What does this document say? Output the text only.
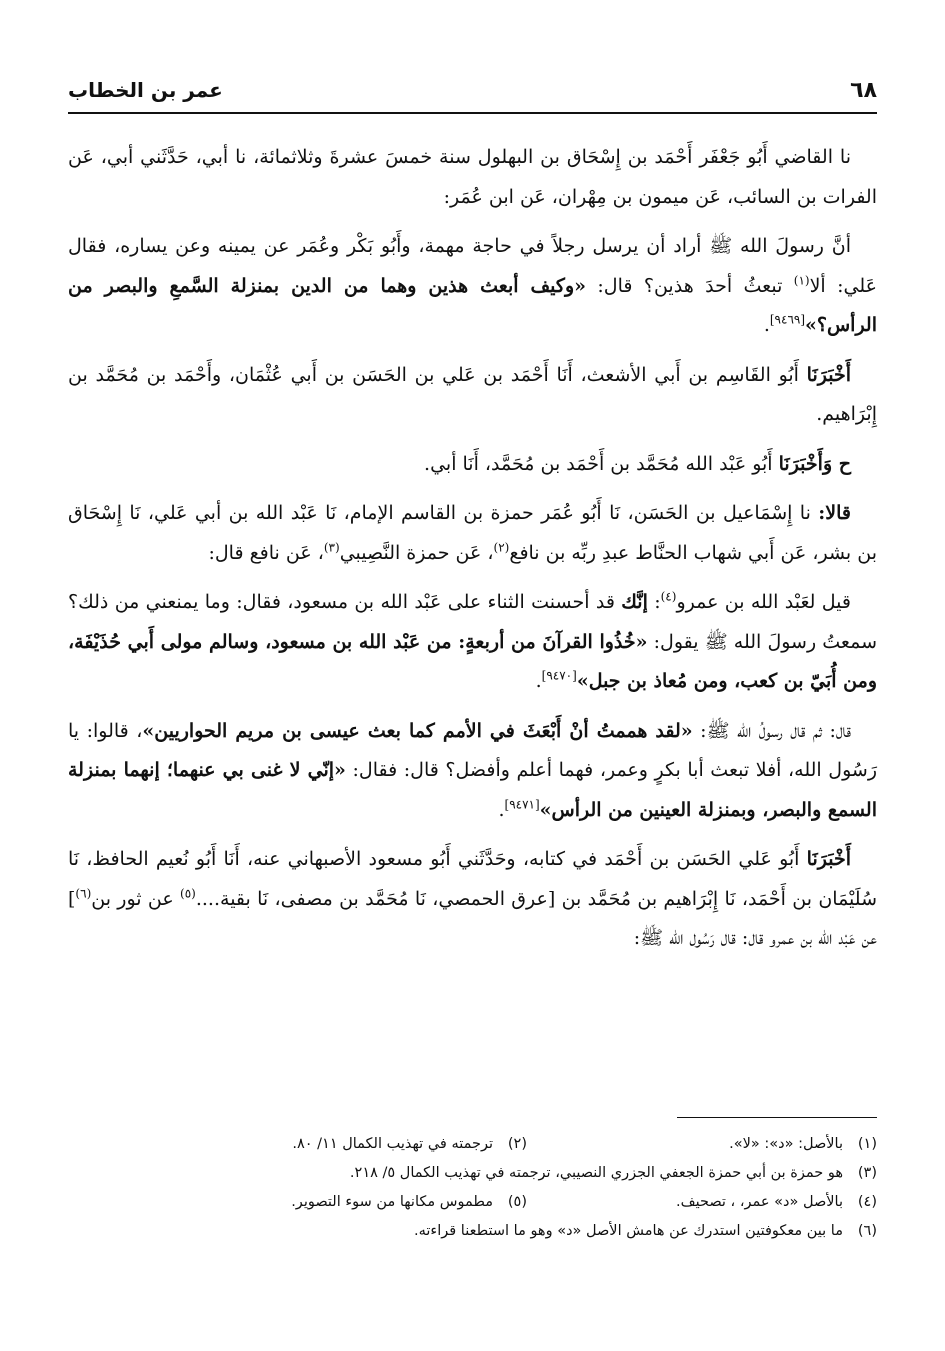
٦٨
عمر بن الخطاب

نا القاضي أَبُو جَعْفَر أَحْمَد بن إِسْحَاق بن البهلول سنة خمسَ عشرةَ وثلاثمائة، نا أبي، حَدَّثَني أبي، عَن الفرات بن السائب، عَن ميمون بن مِهْران، عَن ابن عُمَر:

أنَّ رسولَ الله ﷺ أراد أن يرسل رجلاً في حاجة مهمة، وأَبُو بَكْر وعُمَر عن يمينه وعن يساره، فقال عَلي: ألا$^{(١)}$ تبعثُ أحدَ هذين؟ قال: «وكيف أبعث هذين وهما من الدين بمنزلة السَّمعِ والبصر من الرأس؟»[٩٤٦٩].

أَخْبَرَنَا أَبُو القَاسِم بن أَبي الأشعث، أَنَا أَحْمَد بن عَلي بن الحَسَن بن أَبي عُثْمَان، وأَحْمَد بن مُحَمَّد بن إِبْرَاهيم.

ح وَأَخْبَرَنَا أَبُو عَبْد الله مُحَمَّد بن أَحْمَد بن مُحَمَّد، أَنَا أبي.

قالا: نا إِسْمَاعيل بن الحَسَن، نَا أَبُو عُمَر حمزة بن القاسم الإمام، نَا عَبْد الله بن أبي عَلي، نَا إِسْحَاق بن بشر، عَن أَبي شهاب الحنَّاط عبدِ ربِّه بن نافع$^{(٢)}$، عَن حمزة النَّصِيبي$^{(٣)}$، عَن نافع قال:

قيل لعَبْد الله بن عمرو$^{(٤)}$: إنَّك قد أحسنت الثناء على عَبْد الله بن مسعود، فقال: وما يمنعني من ذلك؟ سمعتُ رسولَ الله ﷺ يقول: «خُذُوا القرآنَ من أربعةٍ: من عَبْد الله بن مسعود، وسالم مولى أَبي حُذَيْفَة، ومن أُبَيّ بن كعب، ومن مُعاذ بن جبل»[٩٤٧٠].

قال: ثم قال رسولُ الله ﷺ: «لقد هممتُ أنْ أَبْعَثَ في الأمم كما بعث عيسى بن مريم الحواريين»، قالوا: يا رَسُول الله، أفلا تبعث أبا بكرٍ وعمر، فهما أعلم وأفضل؟ قال: فقال: «إنّي لا غنى بي عنهما؛ إنهما بمنزلة السمع والبصر، وبمنزلة العينين من الرأس»[٩٤٧١].

أَخْبَرَنَا أَبُو عَلي الحَسَن بن أَحْمَد في كتابه، وحَدَّثَني أَبُو مسعود الأصبهاني عنه، أَنَا أَبُو نُعيم الحافظ، نَا سُلَيْمَان بن أَحْمَد، نَا إِبْرَاهيم بن مُحَمَّد بن [عرق الحمصي، نَا مُحَمَّد بن مصفى، نَا بقية....$^{(٥)}$ عن ثور بن$^{(٦)}$] عن عَبْد الله بن عمرو قال: قال رَسُول الله ﷺ:

(١)
بالأصل: «د»: «لا».
(٢)
ترجمته في تهذيب الكمال ١١/ ٨٠.
(٣)
هو حمزة بن أبي حمزة الجعفي الجزري النصيبي، ترجمته في تهذيب الكمال ٥/ ٢١٨.
(٤)
بالأصل «د» عمر، ، تصحيف.
(٥)
مطموس مكانها من سوء التصوير.
(٦)
ما بين معكوفتين استدرك عن هامش الأصل «د» وهو ما استطعنا قراءته.
